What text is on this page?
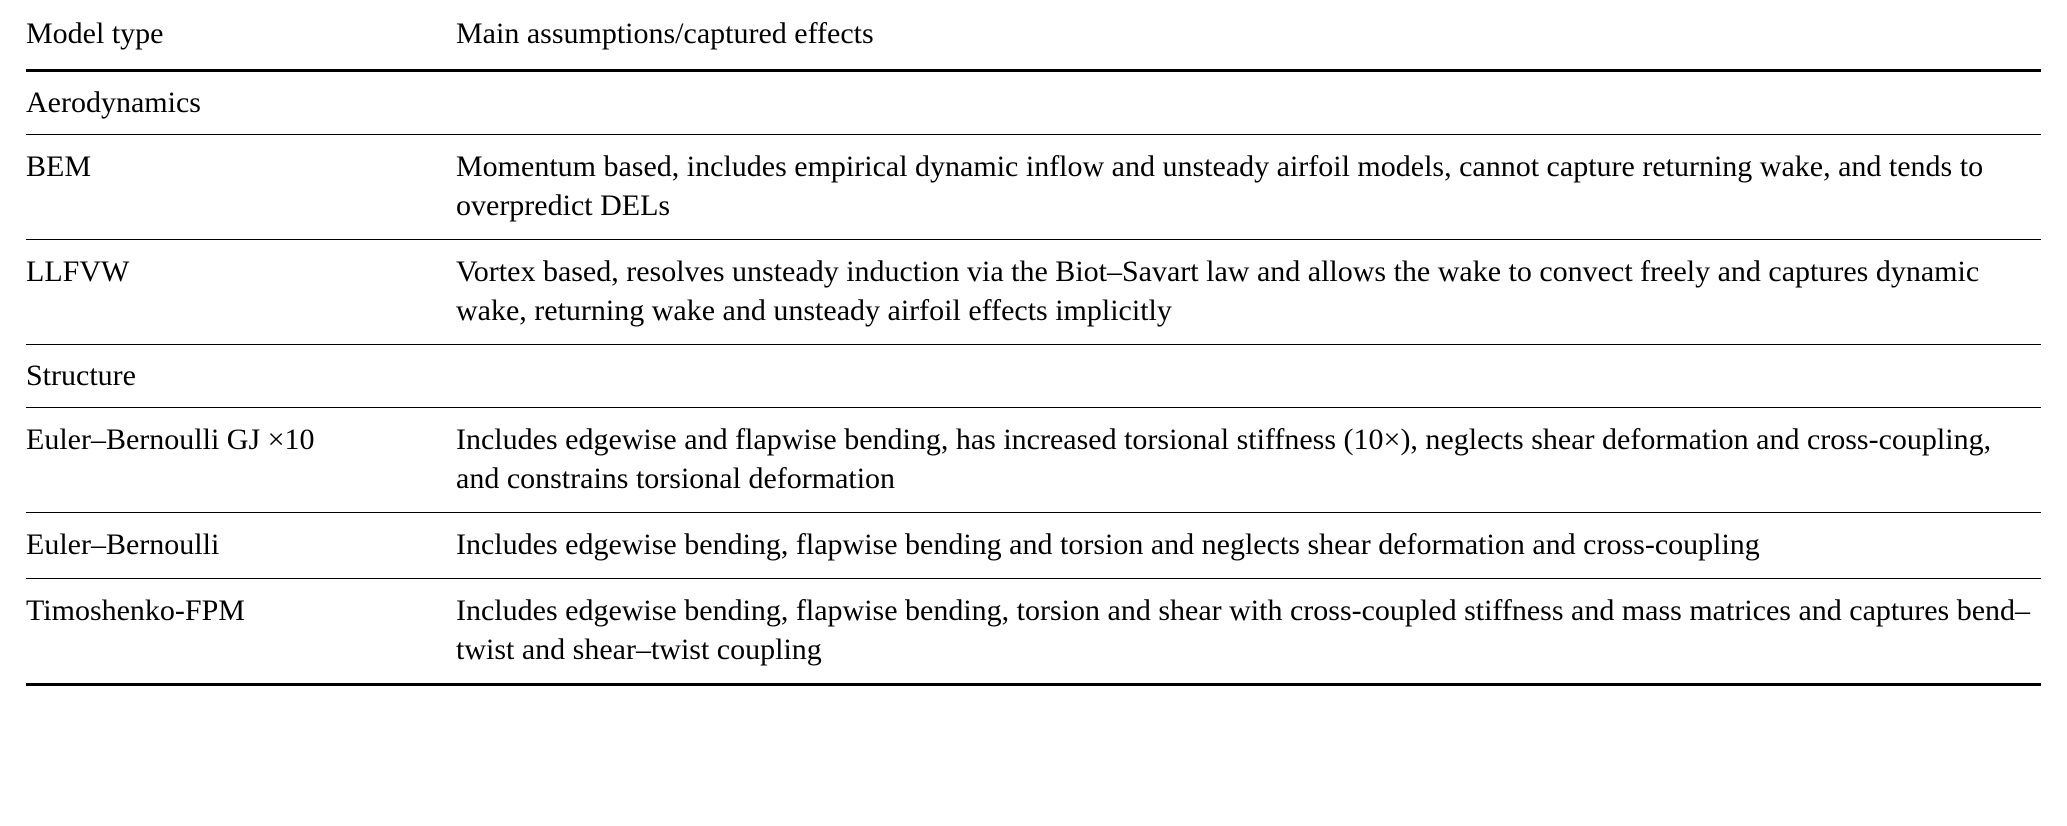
Model type	Main assumptions/captured effects
Aerodynamics	
BEM	Momentum based, includes empirical dynamic inflow and unsteady airfoil models, cannot capture returning wake, and tends to overpredict DELs
LLFVW	Vortex based, resolves unsteady induction via the Biot–Savart law and allows the wake to convect freely and captures dynamic wake, returning wake and unsteady airfoil effects implicitly
Structure	
Euler–Bernoulli GJ ×10	Includes edgewise and flapwise bending, has increased torsional stiffness (10×), neglects shear deformation and cross-coupling, and constrains torsional deformation
Euler–Bernoulli	Includes edgewise bending, flapwise bending and torsion and neglects shear deformation and cross-coupling
Timoshenko-FPM	Includes edgewise bending, flapwise bending, torsion and shear with cross-coupled stiffness and mass matrices and captures bend–twist and shear–twist coupling
